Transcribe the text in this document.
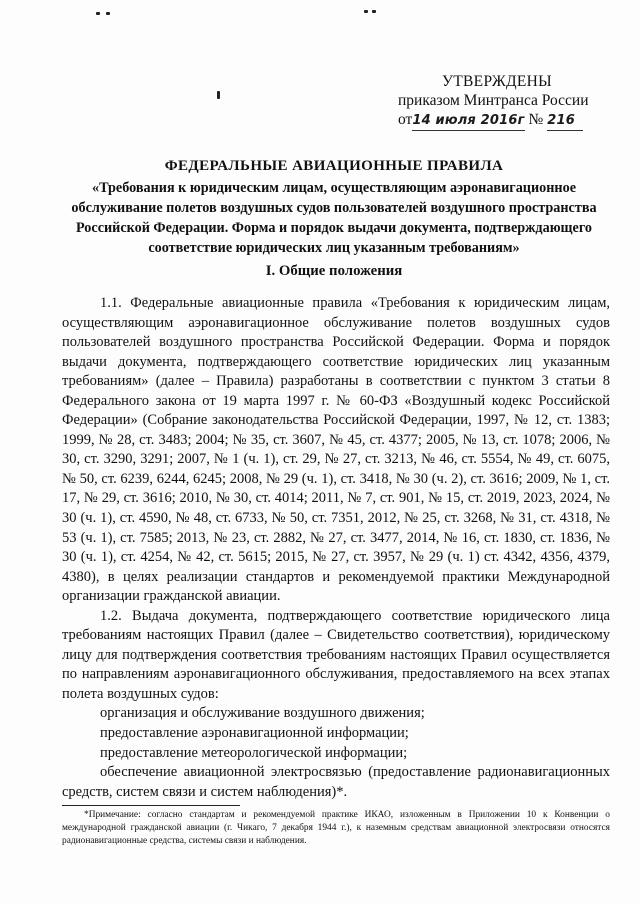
УТВЕРЖДЕНЫ
приказом Минтранса России
от14 июля 2016г № 216
ФЕДЕРАЛЬНЫЕ АВИАЦИОННЫЕ ПРАВИЛА
«Требования к юридическим лицам, осуществляющим аэронавигационное обслуживание полетов воздушных судов пользователей воздушного пространства Российской Федерации. Форма и порядок выдачи документа, подтверждающего соответствие юридических лиц указанным требованиям»
I. Общие положения

1.1. Федеральные авиационные правила «Требования к юридическим лицам, осуществляющим аэронавигационное обслуживание полетов воздушных судов пользователей воздушного пространства Российской Федерации. Форма и порядок выдачи документа, подтверждающего соответствие юридических лиц указанным требованиям» (далее – Правила) разработаны в соответствии с пунктом 3 статьи 8 Федерального закона от 19 марта 1997 г. № 60-ФЗ «Воздушный кодекс Российской Федерации» (Собрание законодательства Российской Федерации, 1997, № 12, ст. 1383; 1999, № 28, ст. 3483; 2004; № 35, ст. 3607, № 45, ст. 4377; 2005, № 13, ст. 1078; 2006, № 30, ст. 3290, 3291; 2007, № 1 (ч. 1), ст. 29, № 27, ст. 3213, № 46, ст. 5554, № 49, ст. 6075, № 50, ст. 6239, 6244, 6245; 2008, № 29 (ч. 1), ст. 3418, № 30 (ч. 2), ст. 3616; 2009, № 1, ст. 17, № 29, ст. 3616; 2010, № 30, ст. 4014; 2011, № 7, ст. 901, № 15, ст. 2019, 2023, 2024, № 30 (ч. 1), ст. 4590, № 48, ст. 6733, № 50, ст. 7351, 2012, № 25, ст. 3268, № 31, ст. 4318, № 53 (ч. 1), ст. 7585; 2013, № 23, ст. 2882, № 27, ст. 3477, 2014, № 16, ст. 1830, ст. 1836, № 30 (ч. 1), ст. 4254, № 42, ст. 5615; 2015, № 27, ст. 3957, № 29 (ч. 1) ст. 4342, 4356, 4379, 4380), в целях реализации стандартов и рекомендуемой практики Международной организации гражданской авиации.

1.2. Выдача документа, подтверждающего соответствие юридического лица требованиям настоящих Правил (далее – Свидетельство соответствия), юридическому лицу для подтверждения соответствия требованиям настоящих Правил осуществляется по направлениям аэронавигационного обслуживания, предоставляемого на всех этапах полета воздушных судов:

организация и обслуживание воздушного движения;

предоставление аэронавигационной информации;

предоставление метеорологической информации;

обеспечение авиационной электросвязью (предоставление радионавигационных средств, систем связи и систем наблюдения)*.

*Примечание: согласно стандартам и рекомендуемой практике ИКАО, изложенным в Приложении 10 к Конвенции о международной гражданской авиации (г. Чикаго, 7 декабря 1944 г.), к наземным средствам авиационной электросвязи относятся радионавигационные средства, системы связи и наблюдения.
